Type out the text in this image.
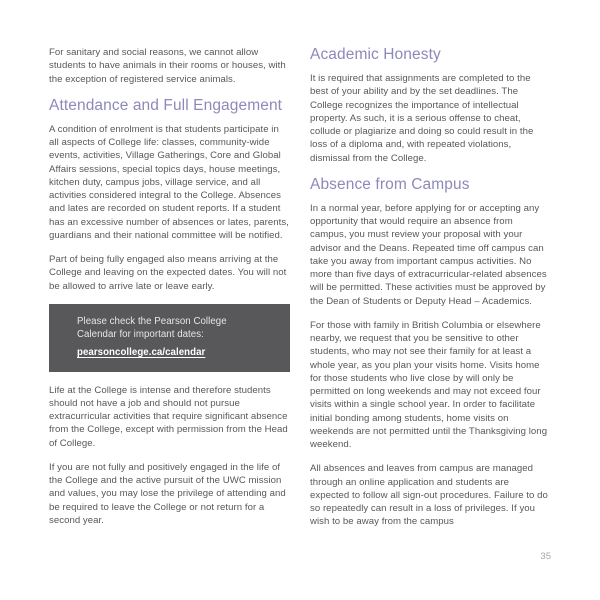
For sanitary and social reasons, we cannot allow students to have animals in their rooms or houses, with the exception of registered service animals.

Attendance and Full Engagement

A condition of enrolment is that students participate in all aspects of College life: classes, community-wide events, activities, Village Gatherings, Core and Global Affairs sessions, special topics days, house meetings, kitchen duty, campus jobs, village service, and all activities considered integral to the College. Absences and lates are recorded on student reports. If a student has an excessive number of absences or lates, parents, guardians and their national committee will be notified.

Part of being fully engaged also means arriving at the College and leaving on the expected dates. You will not be allowed to arrive late or leave early.

Please check the Pearson College
Calendar for important dates:
pearsoncollege.ca/calendar

Life at the College is intense and therefore students should not have a job and should not pursue extracurricular activities that require significant absence from the College, except with permission from the Head of College.

If you are not fully and positively engaged in the life of the College and the active pursuit of the UWC mission and values, you may lose the privilege of attending and be required to leave the College or not return for a second year.

Academic Honesty

It is required that assignments are completed to the best of your ability and by the set deadlines. The College recognizes the importance of intellectual property. As such, it is a serious offense to cheat, collude or plagiarize and doing so could result in the loss of a diploma and, with repeated violations, dismissal from the College.

Absence from Campus

In a normal year, before applying for or accepting any opportunity that would require an absence from campus, you must review your proposal with your advisor and the Deans. Repeated time off campus can take you away from important campus activities. No more than five days of extracurricular-related absences will be permitted. These activities must be approved by the Dean of Students or Deputy Head – Academics.

For those with family in British Columbia or elsewhere nearby, we request that you be sensitive to other students, who may not see their family for at least a whole year, as you plan your visits home. Visits home for those students who live close by will only be permitted on long weekends and may not exceed four visits within a single school year. In order to facilitate initial bonding among students, home visits on weekends are not permitted until the Thanksgiving long weekend.

All absences and leaves from campus are managed through an online application and students are expected to follow all sign-out procedures. Failure to do so repeatedly can result in a loss of privileges. If you wish to be away from the campus

35
